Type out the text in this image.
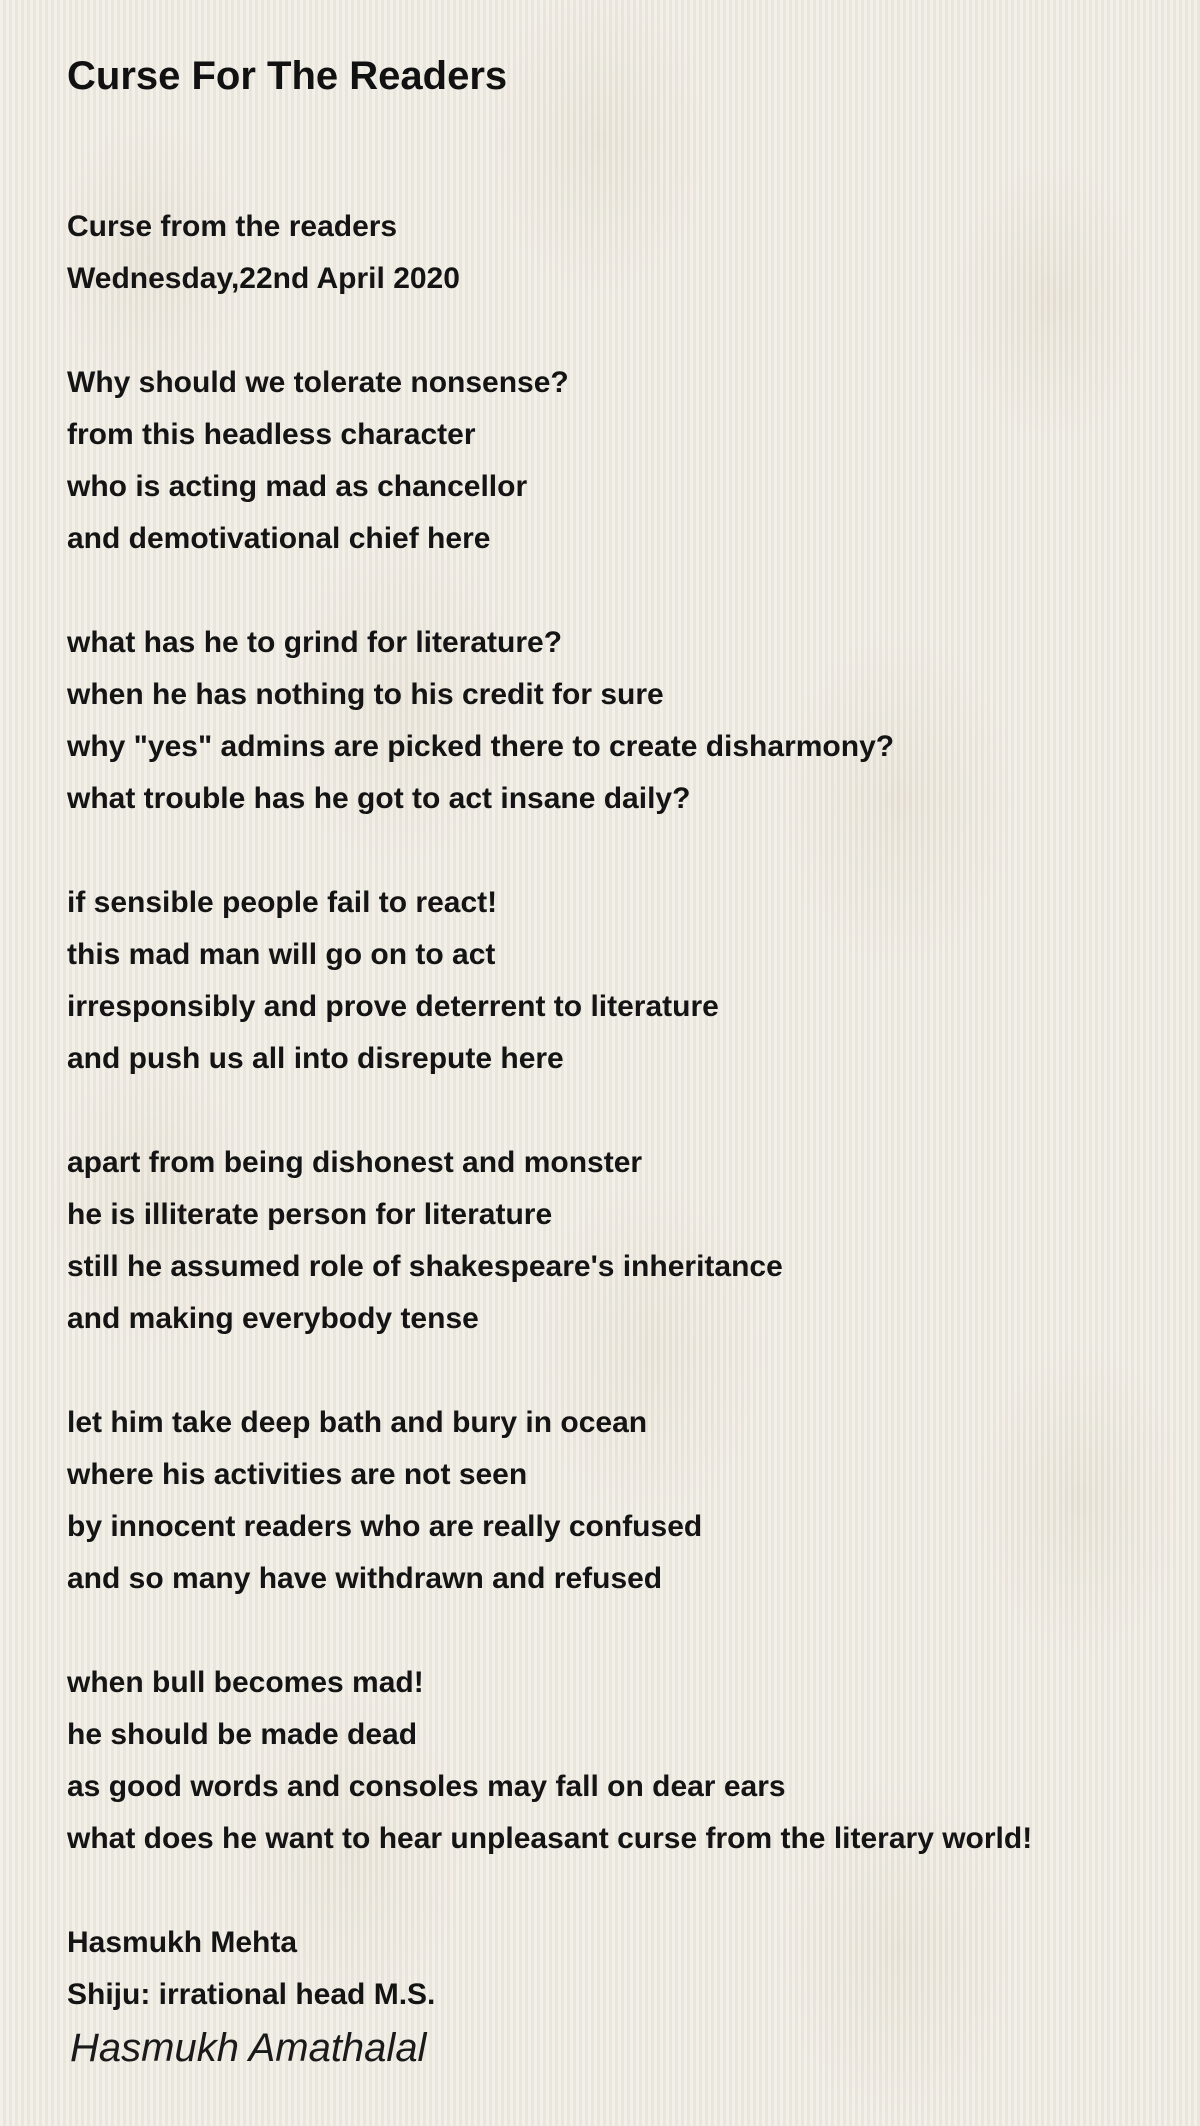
Curse For The Readers

Curse from the readers
Wednesday,22nd April 2020

Why should we tolerate nonsense?
from this headless character
who is acting mad as chancellor
and demotivational chief here

what has he to grind for literature?
when he has nothing to his credit for sure
why "yes" admins are picked there to create disharmony?
what trouble has he got to act insane daily?

if sensible people fail to react!
this mad man will go on to act
irresponsibly and prove deterrent to literature
and push us all into disrepute here

apart from being dishonest and monster
he is illiterate person for literature
still he assumed role of shakespeare's inheritance
and making everybody tense

let him take deep bath and bury in ocean
where his activities are not seen
by innocent readers who are really confused
and so many have withdrawn and refused

when bull becomes mad!
he should be made dead
as good words and consoles may fall on dear ears
what does he want to hear unpleasant curse from the literary world!

Hasmukh Mehta
Shiju: irrational head M.S.

Hasmukh Amathalal
